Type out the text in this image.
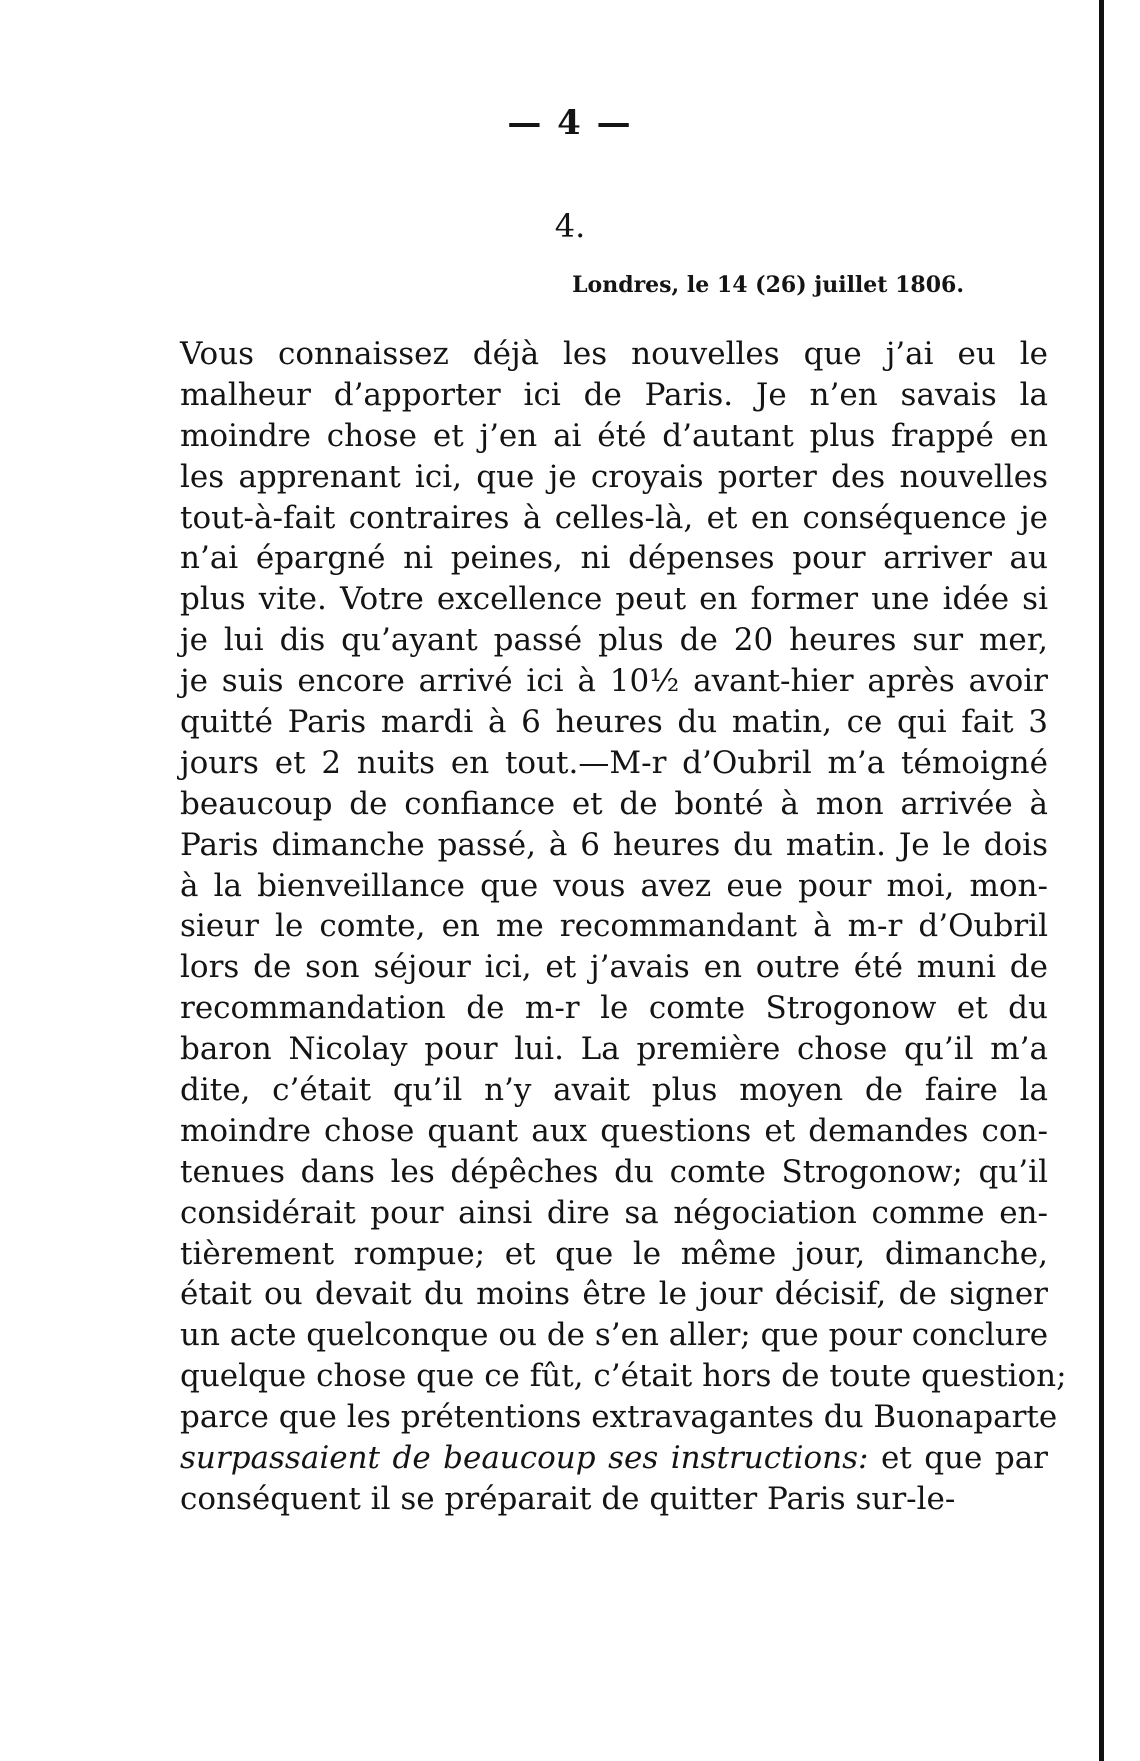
— 4 —
4.
Londres, le 14 (26) juillet 1806.
Vous connaissez déjà les nouvelles que j’ai eu le
malheur d’apporter ici de Paris. Je n’en savais la
moindre chose et j’en ai été d’autant plus frappé en
les apprenant ici, que je croyais porter des nouvelles
tout-à-fait contraires à celles-là, et en conséquence je
n’ai épargné ni peines, ni dépenses pour arriver au
plus vite. Votre excellence peut en former une idée si
je lui dis qu’ayant passé plus de 20 heures sur mer,
je suis encore arrivé ici à 10½ avant-hier après avoir
quitté Paris mardi à 6 heures du matin, ce qui fait 3
jours et 2 nuits en tout.—M-r d’Oubril m’a témoigné
beaucoup de confiance et de bonté à mon arrivée à
Paris dimanche passé, à 6 heures du matin. Je le dois
à la bienveillance que vous avez eue pour moi, mon-
sieur le comte, en me recommandant à m-r d’Oubril
lors de son séjour ici, et j’avais en outre été muni de
recommandation de m-r le comte Strogonow et du
baron Nicolay pour lui. La première chose qu’il m’a
dite, c’était qu’il n’y avait plus moyen de faire la
moindre chose quant aux questions et demandes con-
tenues dans les dépêches du comte Strogonow; qu’il
considérait pour ainsi dire sa négociation comme en-
tièrement rompue; et que le même jour, dimanche,
était ou devait du moins être le jour décisif, de signer
un acte quelconque ou de s’en aller; que pour conclure
quelque chose que ce fût, c’était hors de toute question;
parce que les prétentions extravagantes du Buonaparte
surpassaient de beaucoup ses instructions: et que par
conséquent il se préparait de quitter Paris sur-le-
